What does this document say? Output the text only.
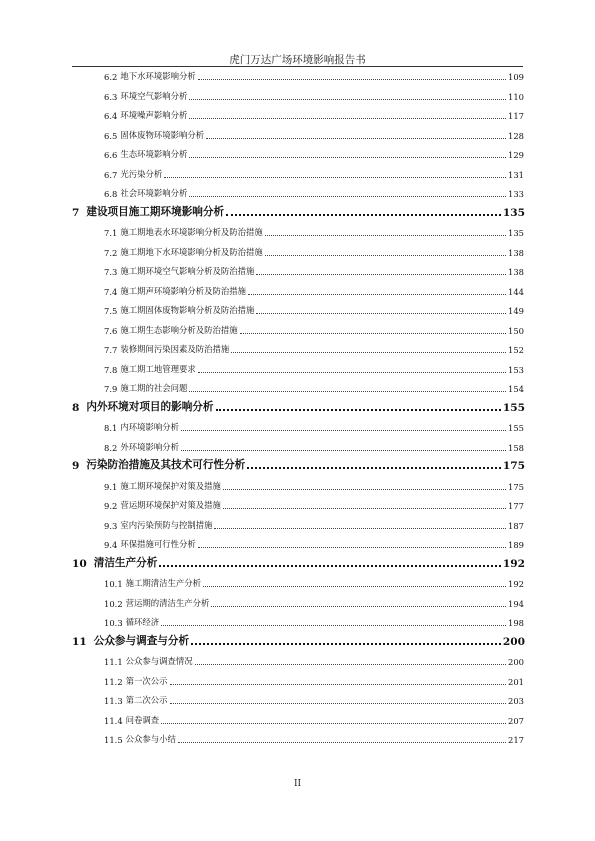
虎门万达广场环境影响报告书
6.2 地下水环境影响分析	109
6.3 环境空气影响分析	110
6.4 环境噪声影响分析	117
6.5 固体废物环境影响分析	128
6.6 生态环境影响分析	129
6.7 光污染分析	131
6.8 社会环境影响分析	133
7 建设项目施工期环境影响分析	135
7.1 施工期地表水环境影响分析及防治措施	135
7.2 施工期地下水环境影响分析及防治措施	138
7.3 施工期环境空气影响分析及防治措施	138
7.4 施工期声环境影响分析及防治措施	144
7.5 施工期固体废物影响分析及防治措施	149
7.6 施工期生态影响分析及防治措施	150
7.7 装修期间污染因素及防治措施	152
7.8 施工期工地管理要求	153
7.9 施工期的社会问题	154
8 内外环境对项目的影响分析	155
8.1 内环境影响分析	155
8.2 外环境影响分析	158
9 污染防治措施及其技术可行性分析	175
9.1 施工期环境保护对策及措施	175
9.2 营运期环境保护对策及措施	177
9.3 室内污染预防与控制措施	187
9.4 环保措施可行性分析	189
10 清洁生产分析	192
10.1 施工期清洁生产分析	192
10.2 营运期的清洁生产分析	194
10.3 循环经济	198
11 公众参与调查与分析	200
11.1 公众参与调查情况	200
11.2 第一次公示	201
11.3 第二次公示	203
11.4 问卷调查	207
11.5 公众参与小结	217
II
